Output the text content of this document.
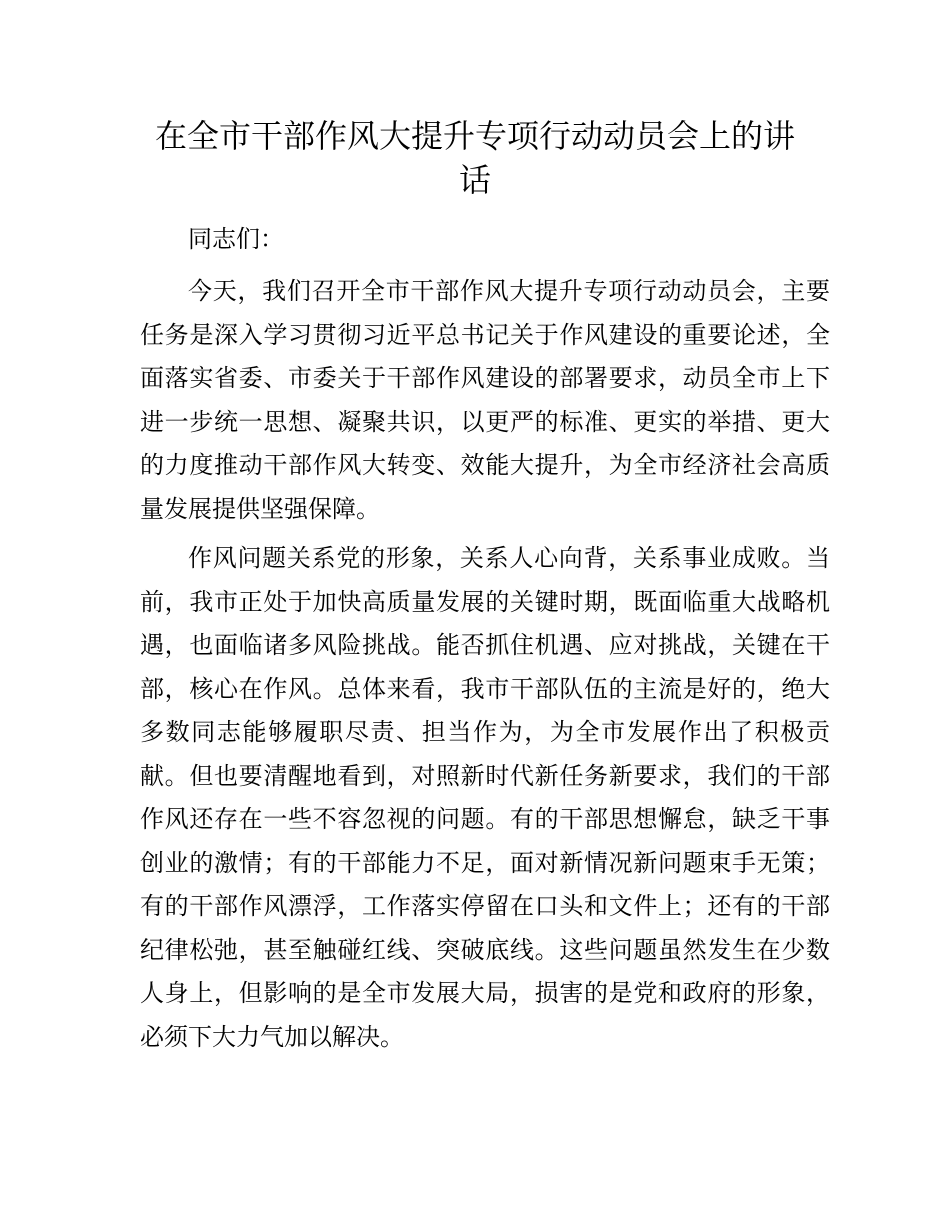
在全市干部作风大提升专项行动动员会上的讲话

同志们：

今天，我们召开全市干部作风大提升专项行动动员会，主要任务是深入学习贯彻习近平总书记关于作风建设的重要论述，全面落实省委、市委关于干部作风建设的部署要求，动员全市上下进一步统一思想、凝聚共识，以更严的标准、更实的举措、更大的力度推动干部作风大转变、效能大提升，为全市经济社会高质量发展提供坚强保障。

作风问题关系党的形象，关系人心向背，关系事业成败。当前，我市正处于加快高质量发展的关键时期，既面临重大战略机遇，也面临诸多风险挑战。能否抓住机遇、应对挑战，关键在干部，核心在作风。总体来看，我市干部队伍的主流是好的，绝大多数同志能够履职尽责、担当作为，为全市发展作出了积极贡献。但也要清醒地看到，对照新时代新任务新要求，我们的干部作风还存在一些不容忽视的问题。有的干部思想懈怠，缺乏干事创业的激情；有的干部能力不足，面对新情况新问题束手无策；有的干部作风漂浮，工作落实停留在口头和文件上；还有的干部纪律松弛，甚至触碰红线、突破底线。这些问题虽然发生在少数人身上，但影响的是全市发展大局，损害的是党和政府的形象，必须下大力气加以解决。
